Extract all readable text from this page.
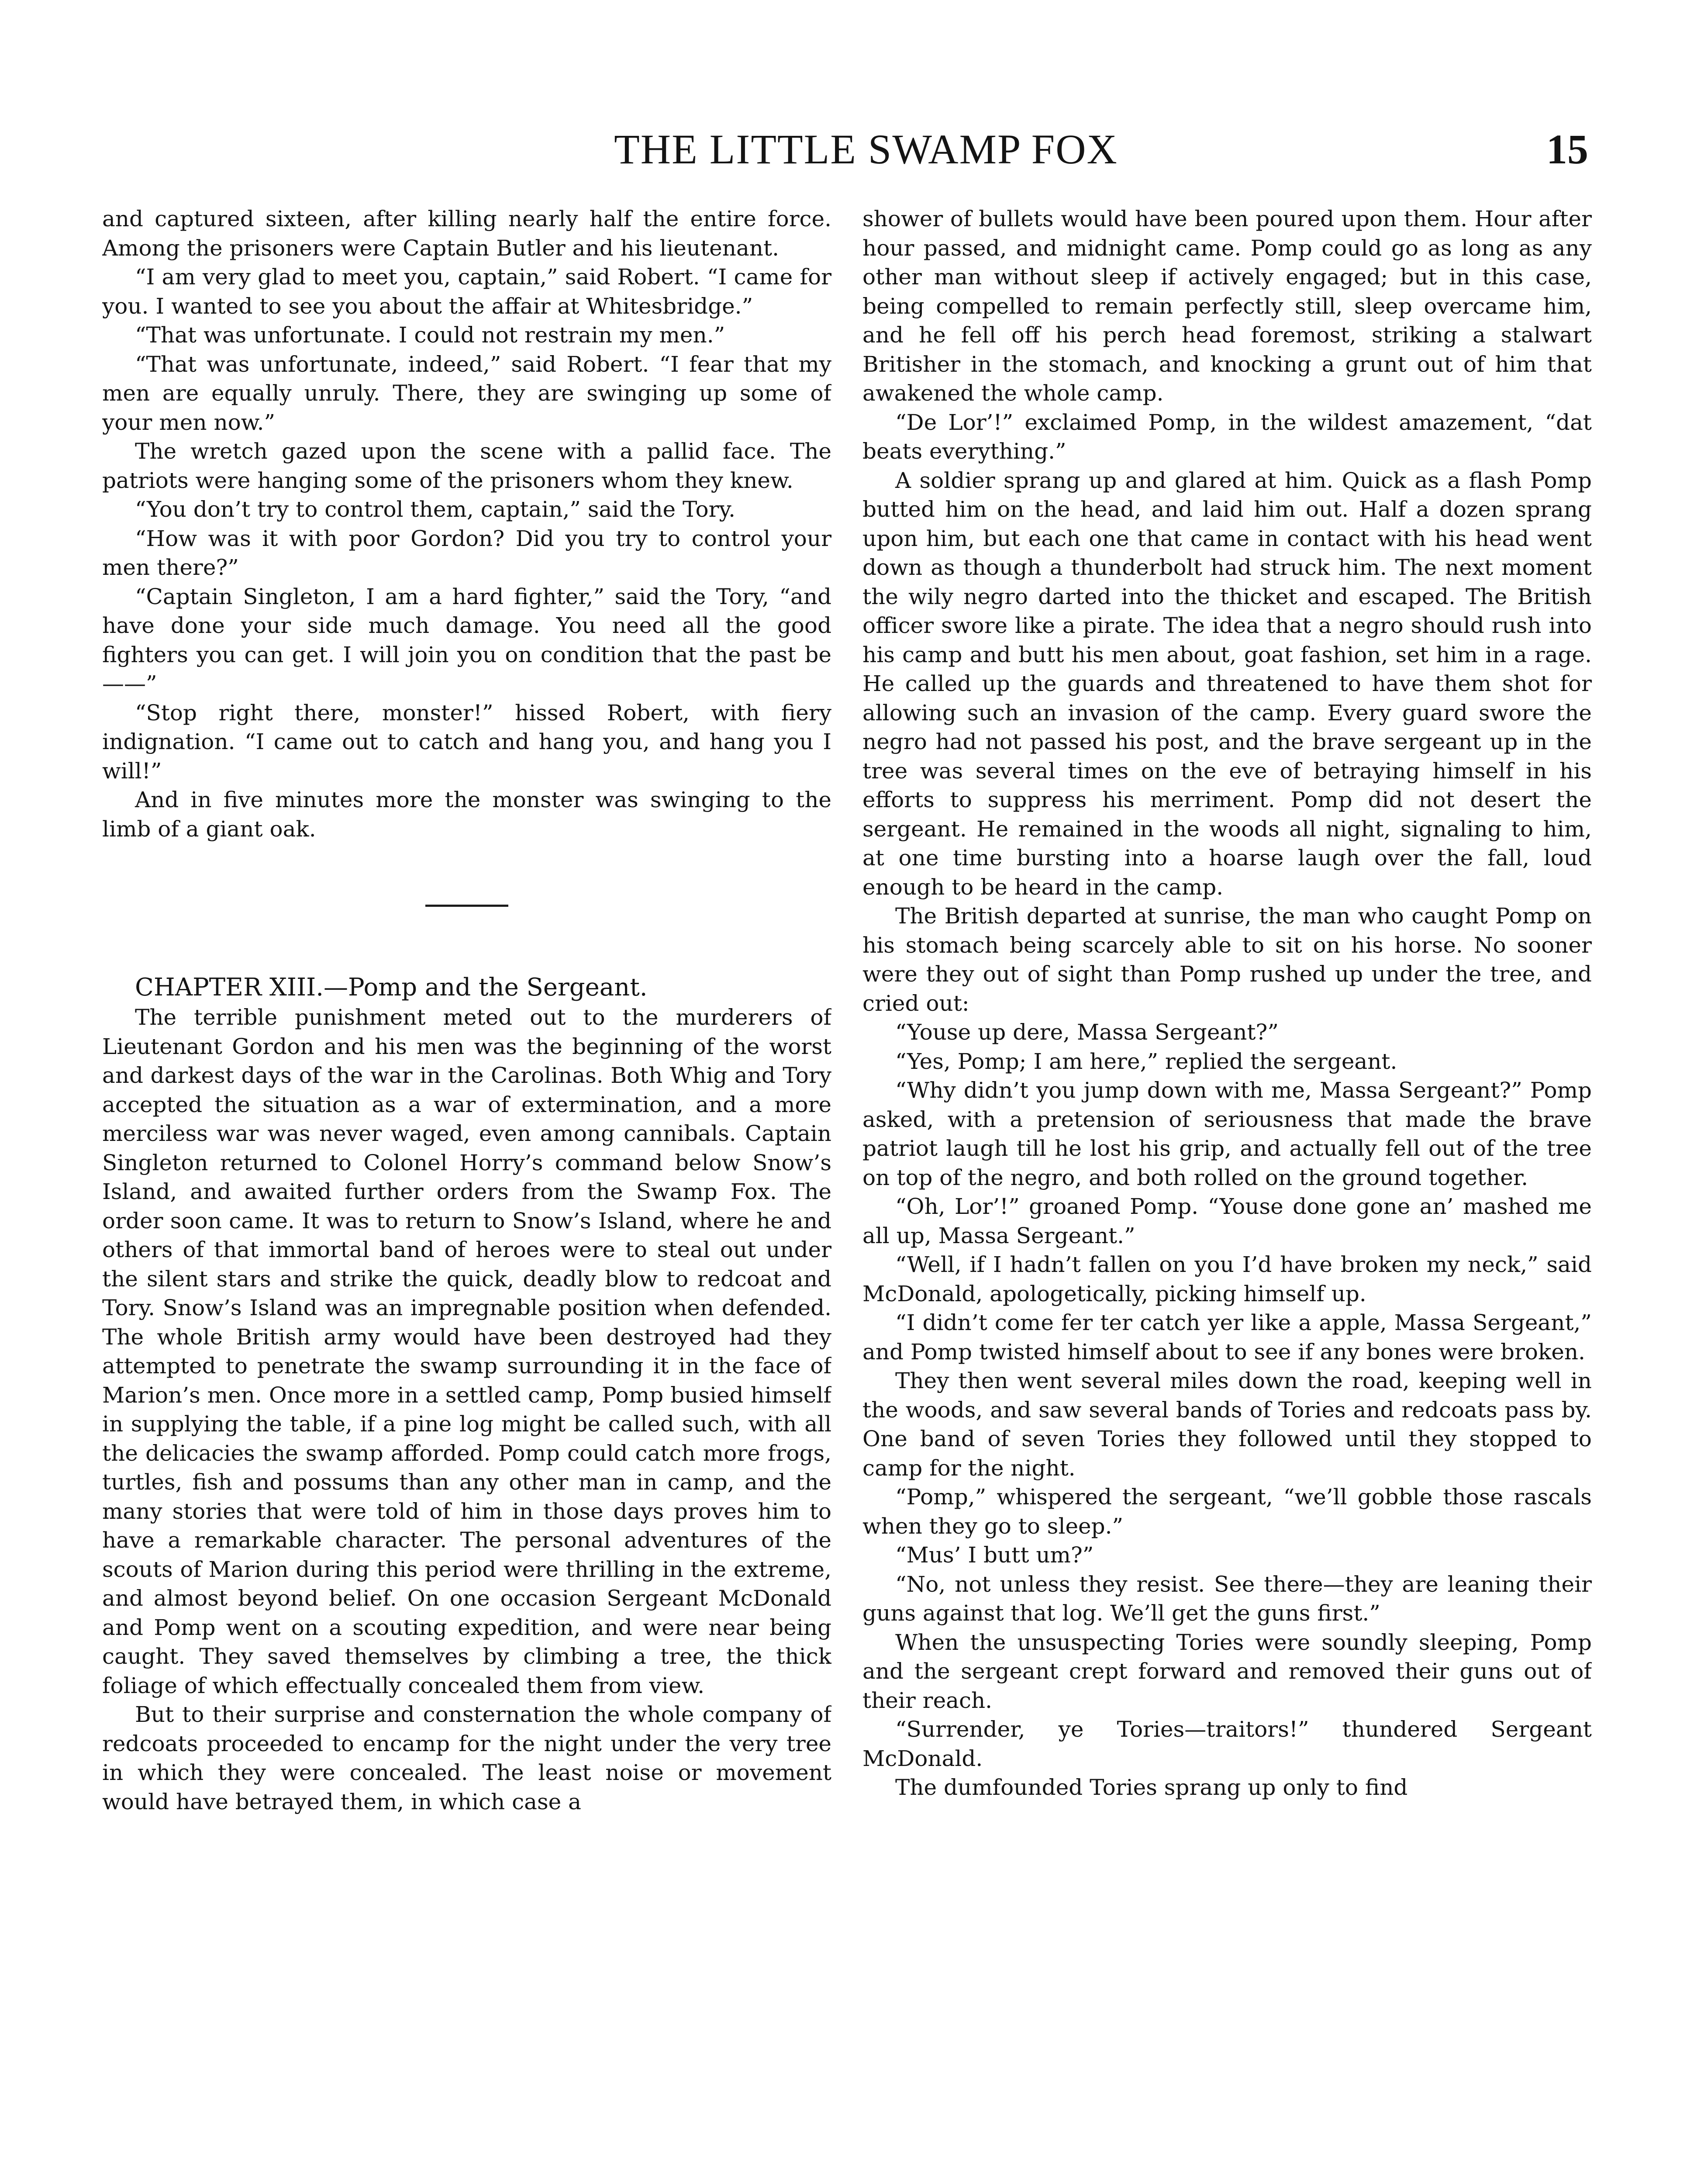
THE LITTLE SWAMP FOX	15

and captured sixteen, after killing nearly half the entire force. Among the prisoners were Captain Butler and his lieutenant.

“I am very glad to meet you, captain,” said Robert. “I came for you. I wanted to see you about the affair at Whitesbridge.”

“That was unfortunate. I could not restrain my men.”

“That was unfortunate, indeed,” said Robert. “I fear that my men are equally unruly. There, they are swinging up some of your men now.”

The wretch gazed upon the scene with a pallid face. The patriots were hanging some of the prisoners whom they knew.

“You don’t try to control them, captain,” said the Tory.

“How was it with poor Gordon? Did you try to control your men there?”

“Captain Singleton, I am a hard fighter,” said the Tory, “and have done your side much damage. You need all the good fighters you can get. I will join you on condition that the past be——”

“Stop right there, monster!” hissed Robert, with fiery indignation. “I came out to catch and hang you, and hang you I will!”

And in five minutes more the monster was swinging to the limb of a giant oak.

CHAPTER XIII.—Pomp and the Sergeant.

The terrible punishment meted out to the murderers of Lieutenant Gordon and his men was the beginning of the worst and darkest days of the war in the Carolinas. Both Whig and Tory accepted the situation as a war of extermination, and a more merciless war was never waged, even among cannibals. Captain Singleton returned to Colonel Horry’s command below Snow’s Island, and awaited further orders from the Swamp Fox. The order soon came. It was to return to Snow’s Island, where he and others of that immortal band of heroes were to steal out under the silent stars and strike the quick, deadly blow to redcoat and Tory. Snow’s Island was an impregnable position when defended. The whole British army would have been destroyed had they attempted to penetrate the swamp surrounding it in the face of Marion’s men. Once more in a settled camp, Pomp busied himself in supplying the table, if a pine log might be called such, with all the delicacies the swamp afforded. Pomp could catch more frogs, turtles, fish and possums than any other man in camp, and the many stories that were told of him in those days proves him to have a remarkable character. The personal adventures of the scouts of Marion during this period were thrilling in the extreme, and almost beyond belief. On one occasion Sergeant McDonald and Pomp went on a scouting expedition, and were near being caught. They saved themselves by climbing a tree, the thick foliage of which effectually concealed them from view.

But to their surprise and consternation the whole company of redcoats proceeded to encamp for the night under the very tree in which they were concealed. The least noise or movement would have betrayed them, in which case a

shower of bullets would have been poured upon them. Hour after hour passed, and midnight came. Pomp could go as long as any other man without sleep if actively engaged; but in this case, being compelled to remain perfectly still, sleep overcame him, and he fell off his perch head foremost, striking a stalwart Britisher in the stomach, and knocking a grunt out of him that awakened the whole camp.

“De Lor’!” exclaimed Pomp, in the wildest amazement, “dat beats everything.”

A soldier sprang up and glared at him. Quick as a flash Pomp butted him on the head, and laid him out. Half a dozen sprang upon him, but each one that came in contact with his head went down as though a thunderbolt had struck him. The next moment the wily negro darted into the thicket and escaped. The British officer swore like a pirate. The idea that a negro should rush into his camp and butt his men about, goat fashion, set him in a rage. He called up the guards and threatened to have them shot for allowing such an invasion of the camp. Every guard swore the negro had not passed his post, and the brave sergeant up in the tree was several times on the eve of betraying himself in his efforts to suppress his merriment. Pomp did not desert the sergeant. He remained in the woods all night, signaling to him, at one time bursting into a hoarse laugh over the fall, loud enough to be heard in the camp.

The British departed at sunrise, the man who caught Pomp on his stomach being scarcely able to sit on his horse. No sooner were they out of sight than Pomp rushed up under the tree, and cried out:

“Youse up dere, Massa Sergeant?”

“Yes, Pomp; I am here,” replied the sergeant.

“Why didn’t you jump down with me, Massa Sergeant?” Pomp asked, with a pretension of seriousness that made the brave patriot laugh till he lost his grip, and actually fell out of the tree on top of the negro, and both rolled on the ground together.

“Oh, Lor’!” groaned Pomp. “Youse done gone an’ mashed me all up, Massa Sergeant.”

“Well, if I hadn’t fallen on you I’d have broken my neck,” said McDonald, apologetically, picking himself up.

“I didn’t come fer ter catch yer like a apple, Massa Sergeant,” and Pomp twisted himself about to see if any bones were broken.

They then went several miles down the road, keeping well in the woods, and saw several bands of Tories and redcoats pass by. One band of seven Tories they followed until they stopped to camp for the night.

“Pomp,” whispered the sergeant, “we’ll gobble those rascals when they go to sleep.”

“Mus’ I butt um?”

“No, not unless they resist. See there—they are leaning their guns against that log. We’ll get the guns first.”

When the unsuspecting Tories were soundly sleeping, Pomp and the sergeant crept forward and removed their guns out of their reach.

“Surrender, ye Tories—traitors!” thundered Sergeant McDonald.

The dumfounded Tories sprang up only to find
